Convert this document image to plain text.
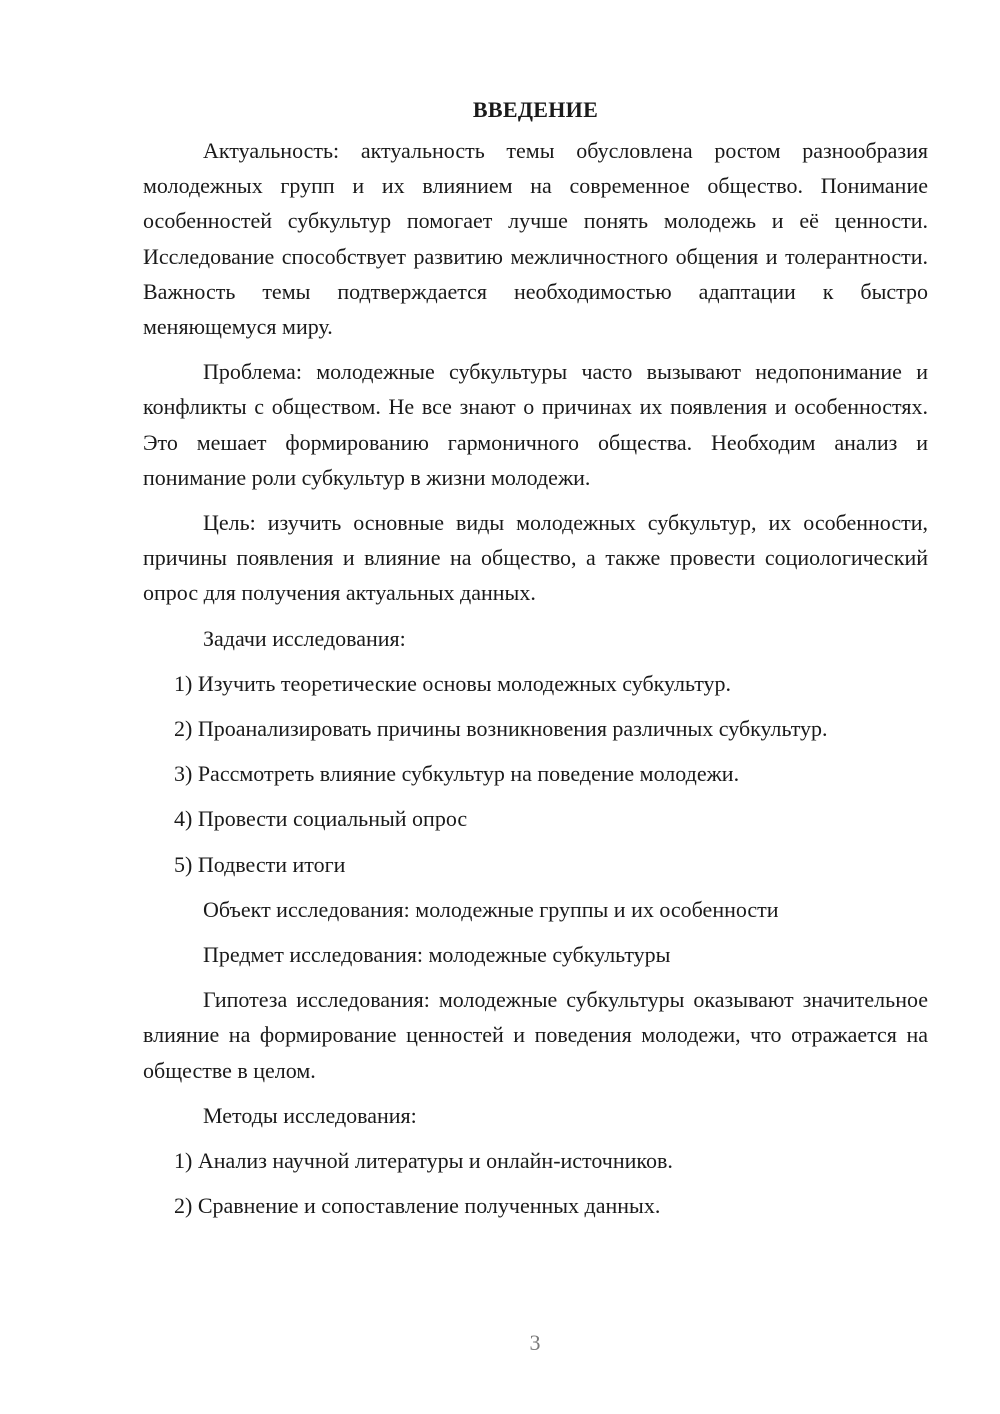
ВВЕДЕНИЕ

Актуальность: актуальность темы обусловлена ростом разнообразия молодежных групп и их влиянием на современное общество. Понимание особенностей субкультур помогает лучше понять молодежь и её ценности. Исследование способствует развитию межличностного общения и толерантности. Важность темы подтверждается необходимостью адаптации к быстро меняющемуся миру.

Проблема: молодежные субкультуры часто вызывают недопонимание и конфликты с обществом. Не все знают о причинах их появления и особенностях. Это мешает формированию гармоничного общества. Необходим анализ и понимание роли субкультур в жизни молодежи.

Цель: изучить основные виды молодежных субкультур, их особенности, причины появления и влияние на общество, а также провести социологический опрос для получения актуальных данных.

Задачи исследования:
1) Изучить теоретические основы молодежных субкультур.
2) Проанализировать причины возникновения различных субкультур.
3) Рассмотреть влияние субкультур на поведение молодежи.
4) Провести социальный опрос
5) Подвести итоги
Объект исследования: молодежные группы и их особенности
Предмет исследования: молодежные субкультуры

Гипотеза исследования: молодежные субкультуры оказывают значительное влияние на формирование ценностей и поведения молодежи, что отражается на обществе в целом.

Методы исследования:
1) Анализ научной литературы и онлайн-источников.
2) Сравнение и сопоставление полученных данных.
3
